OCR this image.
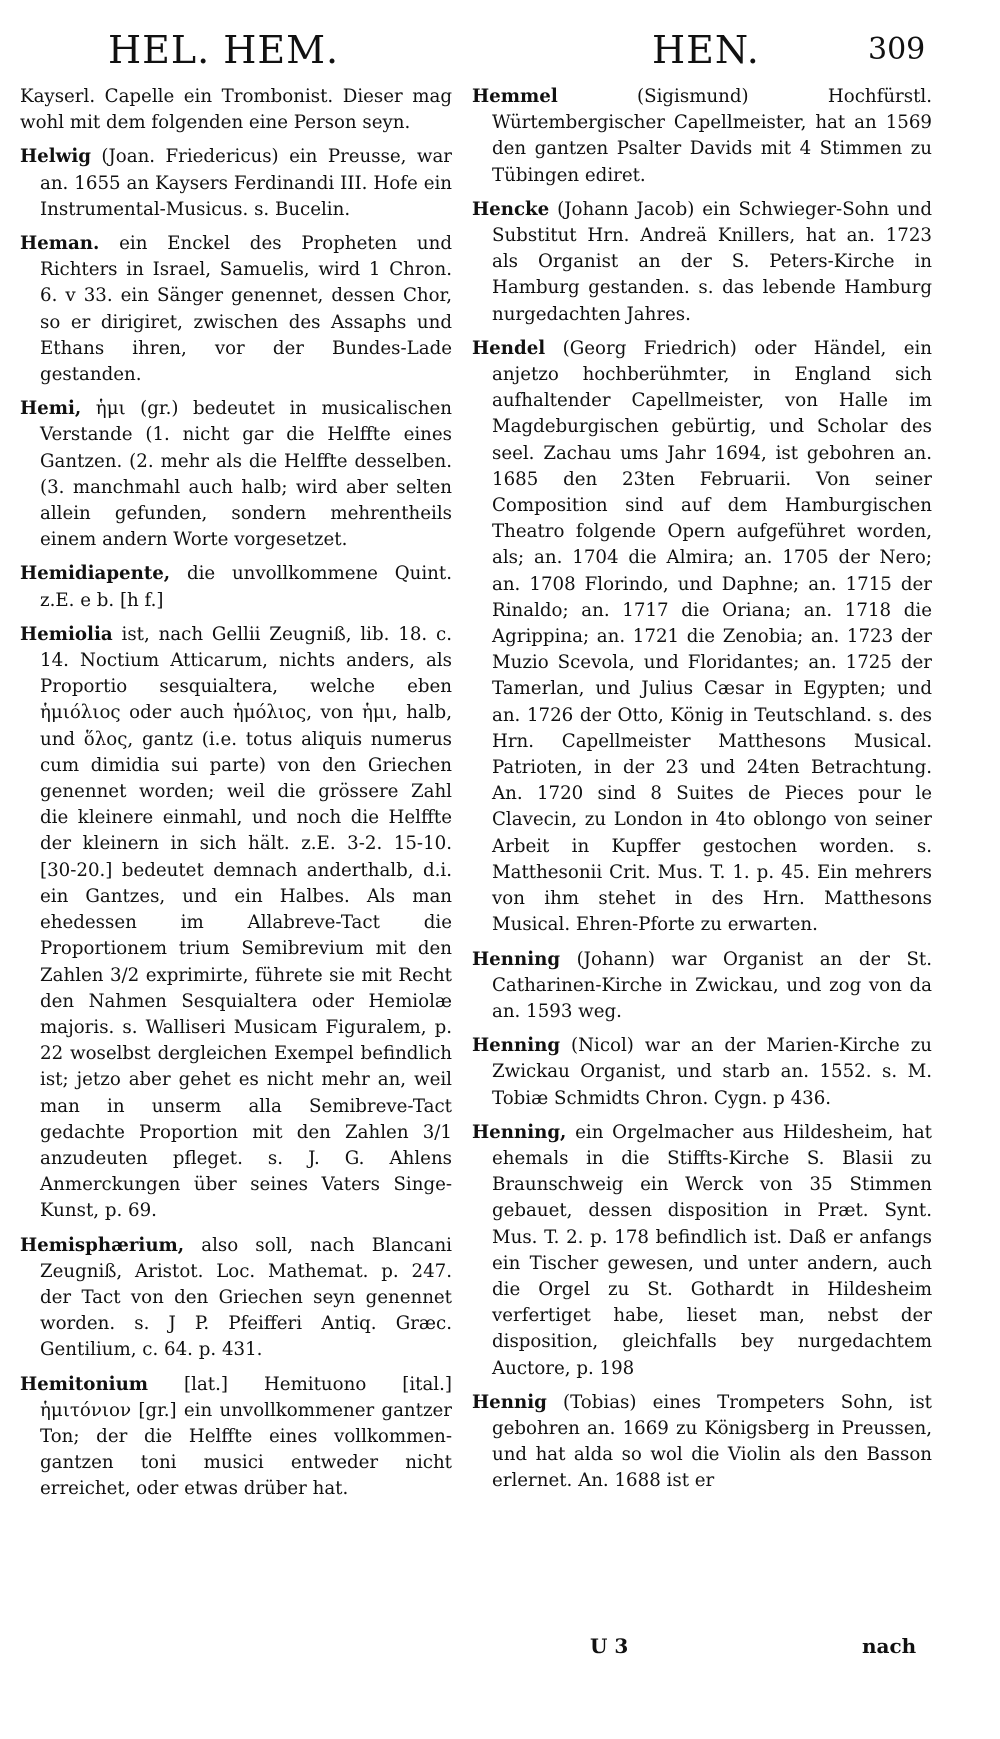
HEL. HEM.	HEN.	309

Kayserl. Capelle ein Trombonist. Dieser mag wohl mit dem folgenden eine Person seyn.

Helwig (Joan. Friedericus) ein Preusse, war an. 1655 an Kaysers Ferdinandi III. Hofe ein Instrumental-Musicus. s. Bucelin.

Heman. ein Enckel des Propheten und Richters in Israel, Samuelis, wird 1 Chron. 6. v 33. ein Sänger genennet, dessen Chor, so er dirigiret, zwischen des Assaphs und Ethans ihren, vor der Bundes-Lade gestanden.

Hemi, ἡμι (gr.) bedeutet in musicalischen Verstande (1. nicht gar die Helffte eines Gantzen. (2. mehr als die Helffte desselben. (3. manchmahl auch halb; wird aber selten allein gefunden, sondern mehrentheils einem andern Worte vorgesetzet.

Hemidiapente, die unvollkommene Quint. z.E. e b. [h f.]

Hemiolia ist, nach Gellii Zeugniß, lib. 18. c. 14. Noctium Atticarum, nichts anders, als Proportio sesquialtera, welche eben ἡμιόλιος oder auch ἡμόλιος, von ἡμι, halb, und ὅλος, gantz (i.e. totus aliquis numerus cum dimidia sui parte) von den Griechen genennet worden; weil die grössere Zahl die kleinere einmahl, und noch die Helffte der kleinern in sich hält. z.E. 3-2. 15-10. [30-20.] bedeutet demnach anderthalb, d.i. ein Gantzes, und ein Halbes. Als man ehedessen im Allabreve-Tact die Proportionem trium Semibrevium mit den Zahlen 3/2 exprimirte, führete sie mit Recht den Nahmen Sesquialtera oder Hemiolæ majoris. s. Walliseri Musicam Figuralem, p. 22 woselbst dergleichen Exempel befindlich ist; jetzo aber gehet es nicht mehr an, weil man in unserm alla Semibreve-Tact gedachte Proportion mit den Zahlen 3/1 anzudeuten pfleget. s. J. G. Ahlens Anmerckungen über seines Vaters Singe-Kunst, p. 69.

Hemisphærium, also soll, nach Blancani Zeugniß, Aristot. Loc. Mathemat. p. 247. der Tact von den Griechen seyn genennet worden. s. J P. Pfeifferi Antiq. Græc. Gentilium, c. 64. p. 431.

Hemitonium [lat.] Hemituono [ital.] ἡμιτόνιον [gr.] ein unvollkommener gantzer Ton; der die Helffte eines vollkommen-gantzen toni musici entweder nicht erreichet, oder etwas drüber hat.

Hemmel	(Sigismund) Hochfürstl. Würtembergischer Capellmeister, hat an 1569 den gantzen Psalter Davids mit 4 Stimmen zu Tübingen ediret.

Hencke (Johann Jacob) ein Schwieger-Sohn und Substitut Hrn. Andreä Knillers, hat an. 1723 als Organist an der S. Peters-Kirche in Hamburg gestanden. s. das lebende Hamburg nurgedachten Jahres.

Hendel (Georg Friedrich) oder Händel, ein anjetzo hochberühmter, in England sich aufhaltender Capellmeister, von Halle im Magdeburgischen gebürtig, und Scholar des seel. Zachau ums Jahr 1694, ist gebohren an. 1685 den 23ten Februarii. Von seiner Composition sind auf dem Hamburgischen Theatro folgende Opern aufgeführet worden, als; an. 1704 die Almira; an. 1705 der Nero; an. 1708 Florindo, und Daphne; an. 1715 der Rinaldo; an. 1717 die Oriana; an. 1718 die Agrippina; an. 1721 die Zenobia; an. 1723 der Muzio Scevola, und Floridantes; an. 1725 der Tamerlan, und Julius Cæsar in Egypten; und an. 1726 der Otto, König in Teutschland. s. des Hrn. Capellmeister Matthesons Musical. Patrioten, in der 23 und 24ten Betrachtung. An. 1720 sind 8 Suites de Pieces pour le Clavecin, zu London in 4to oblongo von seiner Arbeit in Kupffer gestochen worden. s. Matthesonii Crit. Mus. T. 1. p. 45. Ein mehrers von ihm stehet in des Hrn. Matthesons Musical. Ehren-Pforte zu erwarten.

Henning (Johann) war Organist an der St. Catharinen-Kirche in Zwickau, und zog von da an. 1593 weg.

Henning (Nicol) war an der Marien-Kirche zu Zwickau Organist, und starb an. 1552. s. M. Tobiæ Schmidts Chron. Cygn. p 436.

Henning, ein Orgelmacher aus Hildesheim, hat ehemals in die Stiffts-Kirche S. Blasii zu Braunschweig ein Werck von 35 Stimmen gebauet, dessen disposition in Præt. Synt. Mus. T. 2. p. 178 befindlich ist. Daß er anfangs ein Tischer gewesen, und unter andern, auch die Orgel zu St. Gothardt in Hildesheim verfertiget habe, lieset man, nebst der disposition, gleichfalls bey nurgedachtem Auctore, p. 198

Hennig (Tobias) eines Trompeters Sohn, ist gebohren an. 1669 zu Königsberg in Preussen, und hat alda so wol die Violin als den Basson erlernet. An. 1688 ist er

U 3	nach
